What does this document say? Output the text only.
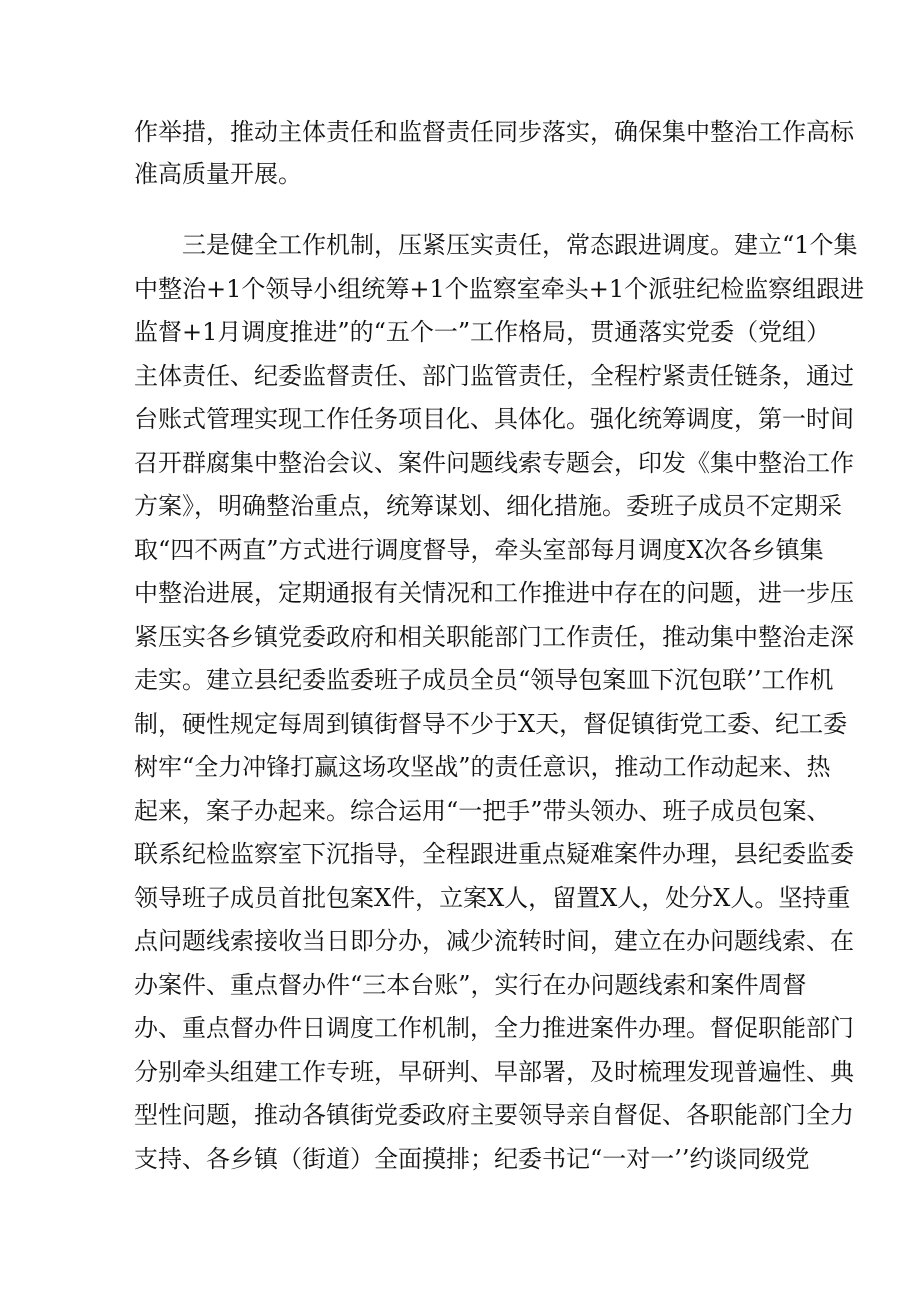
作举措，推动主体责任和监督责任同步落实，确保集中整治工作高标
准高质量开展。
三是健全工作机制，压紧压实责任，常态跟进调度。建立“1个集
中整治+1个领导小组统筹+1个监察室牵头+1个派驻纪检监察组跟进
监督+1月调度推进”的“五个一”工作格局，贯通落实党委（党组）
主体责任、纪委监督责任、部门监管责任，全程柠紧责任链条，通过
台账式管理实现工作任务项目化、具体化。强化统筹调度，第一时间
召开群腐集中整治会议、案件问题线索专题会，印发《集中整治工作
方案》，明确整治重点，统筹谋划、细化措施。委班子成员不定期采
取“四不两直”方式进行调度督导，牵头室部每月调度X次各乡镇集
中整治进展，定期通报有关情况和工作推进中存在的问题，进一步压
紧压实各乡镇党委政府和相关职能部门工作责任，推动集中整治走深
走实。建立县纪委监委班子成员全员“领导包案皿下沉包联’’工作机
制，硬性规定每周到镇街督导不少于X天，督促镇街党工委、纪工委
树牢“全力冲锋打赢这场攻坚战”的责任意识，推动工作动起来、热
起来，案子办起来。综合运用“一把手”带头领办、班子成员包案、
联系纪检监察室下沉指导，全程跟进重点疑难案件办理，县纪委监委
领导班子成员首批包案X件，立案X人，留置X人，处分X人。坚持重
点问题线索接收当日即分办，减少流转时间，建立在办问题线索、在
办案件、重点督办件“三本台账”，实行在办问题线索和案件周督
办、重点督办件日调度工作机制，全力推进案件办理。督促职能部门
分别牵头组建工作专班，早研判、早部署，及时梳理发现普遍性、典
型性问题，推动各镇街党委政府主要领导亲自督促、各职能部门全力
支持、各乡镇（街道）全面摸排；纪委书记“一对一’’约谈同级党
